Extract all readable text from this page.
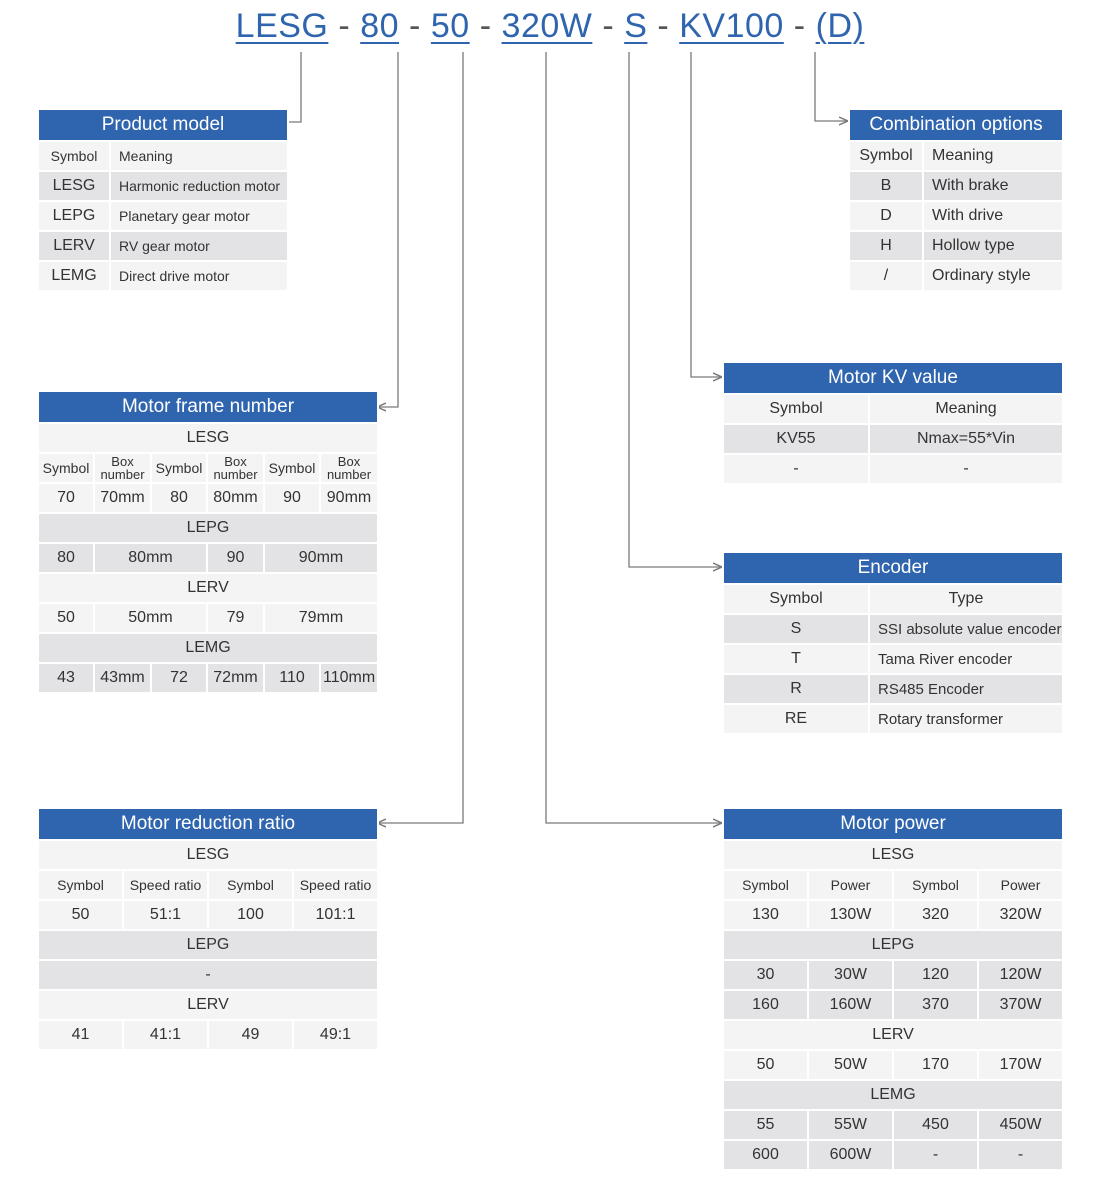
LESG - 80 - 50 - 320W - S - KV100 - (D)
Product model	
Symbol	Meaning
LESG	Harmonic reduction motor
LEPG	Planetary gear motor
LERV	RV gear motor
LEMG	Direct drive motor
Combination options	
Symbol	Meaning
B	With brake
D	With drive
H	Hollow type
/	Ordinary style
Motor KV value	
Symbol	Meaning
KV55	Nmax=55*Vin
-	-
Encoder	
Symbol	Type
S	SSI absolute value encoder
T	Tama River encoder
R	RS485 Encoder
RE	Rotary transformer
Motor frame number					
LESG					
Symbol	Box number	Symbol	Box number	Symbol	Box number
70	70mm	80	80mm	90	90mm
LEPG					
80	80mm		90	90mm	
LERV					
50	50mm		79	79mm	
LEMG					
43	43mm	72	72mm	110	110mm
Motor reduction ratio			
LESG			
Symbol	Speed ratio	Symbol	Speed ratio
50	51:1	100	101:1
LEPG			
-			
LERV			
41	41:1	49	49:1
Motor power			
LESG			
Symbol	Power	Symbol	Power
130	130W	320	320W
LEPG			
30	30W	120	120W
160	160W	370	370W
LERV			
50	50W	170	170W
LEMG			
55	55W	450	450W
600	600W	-	-
